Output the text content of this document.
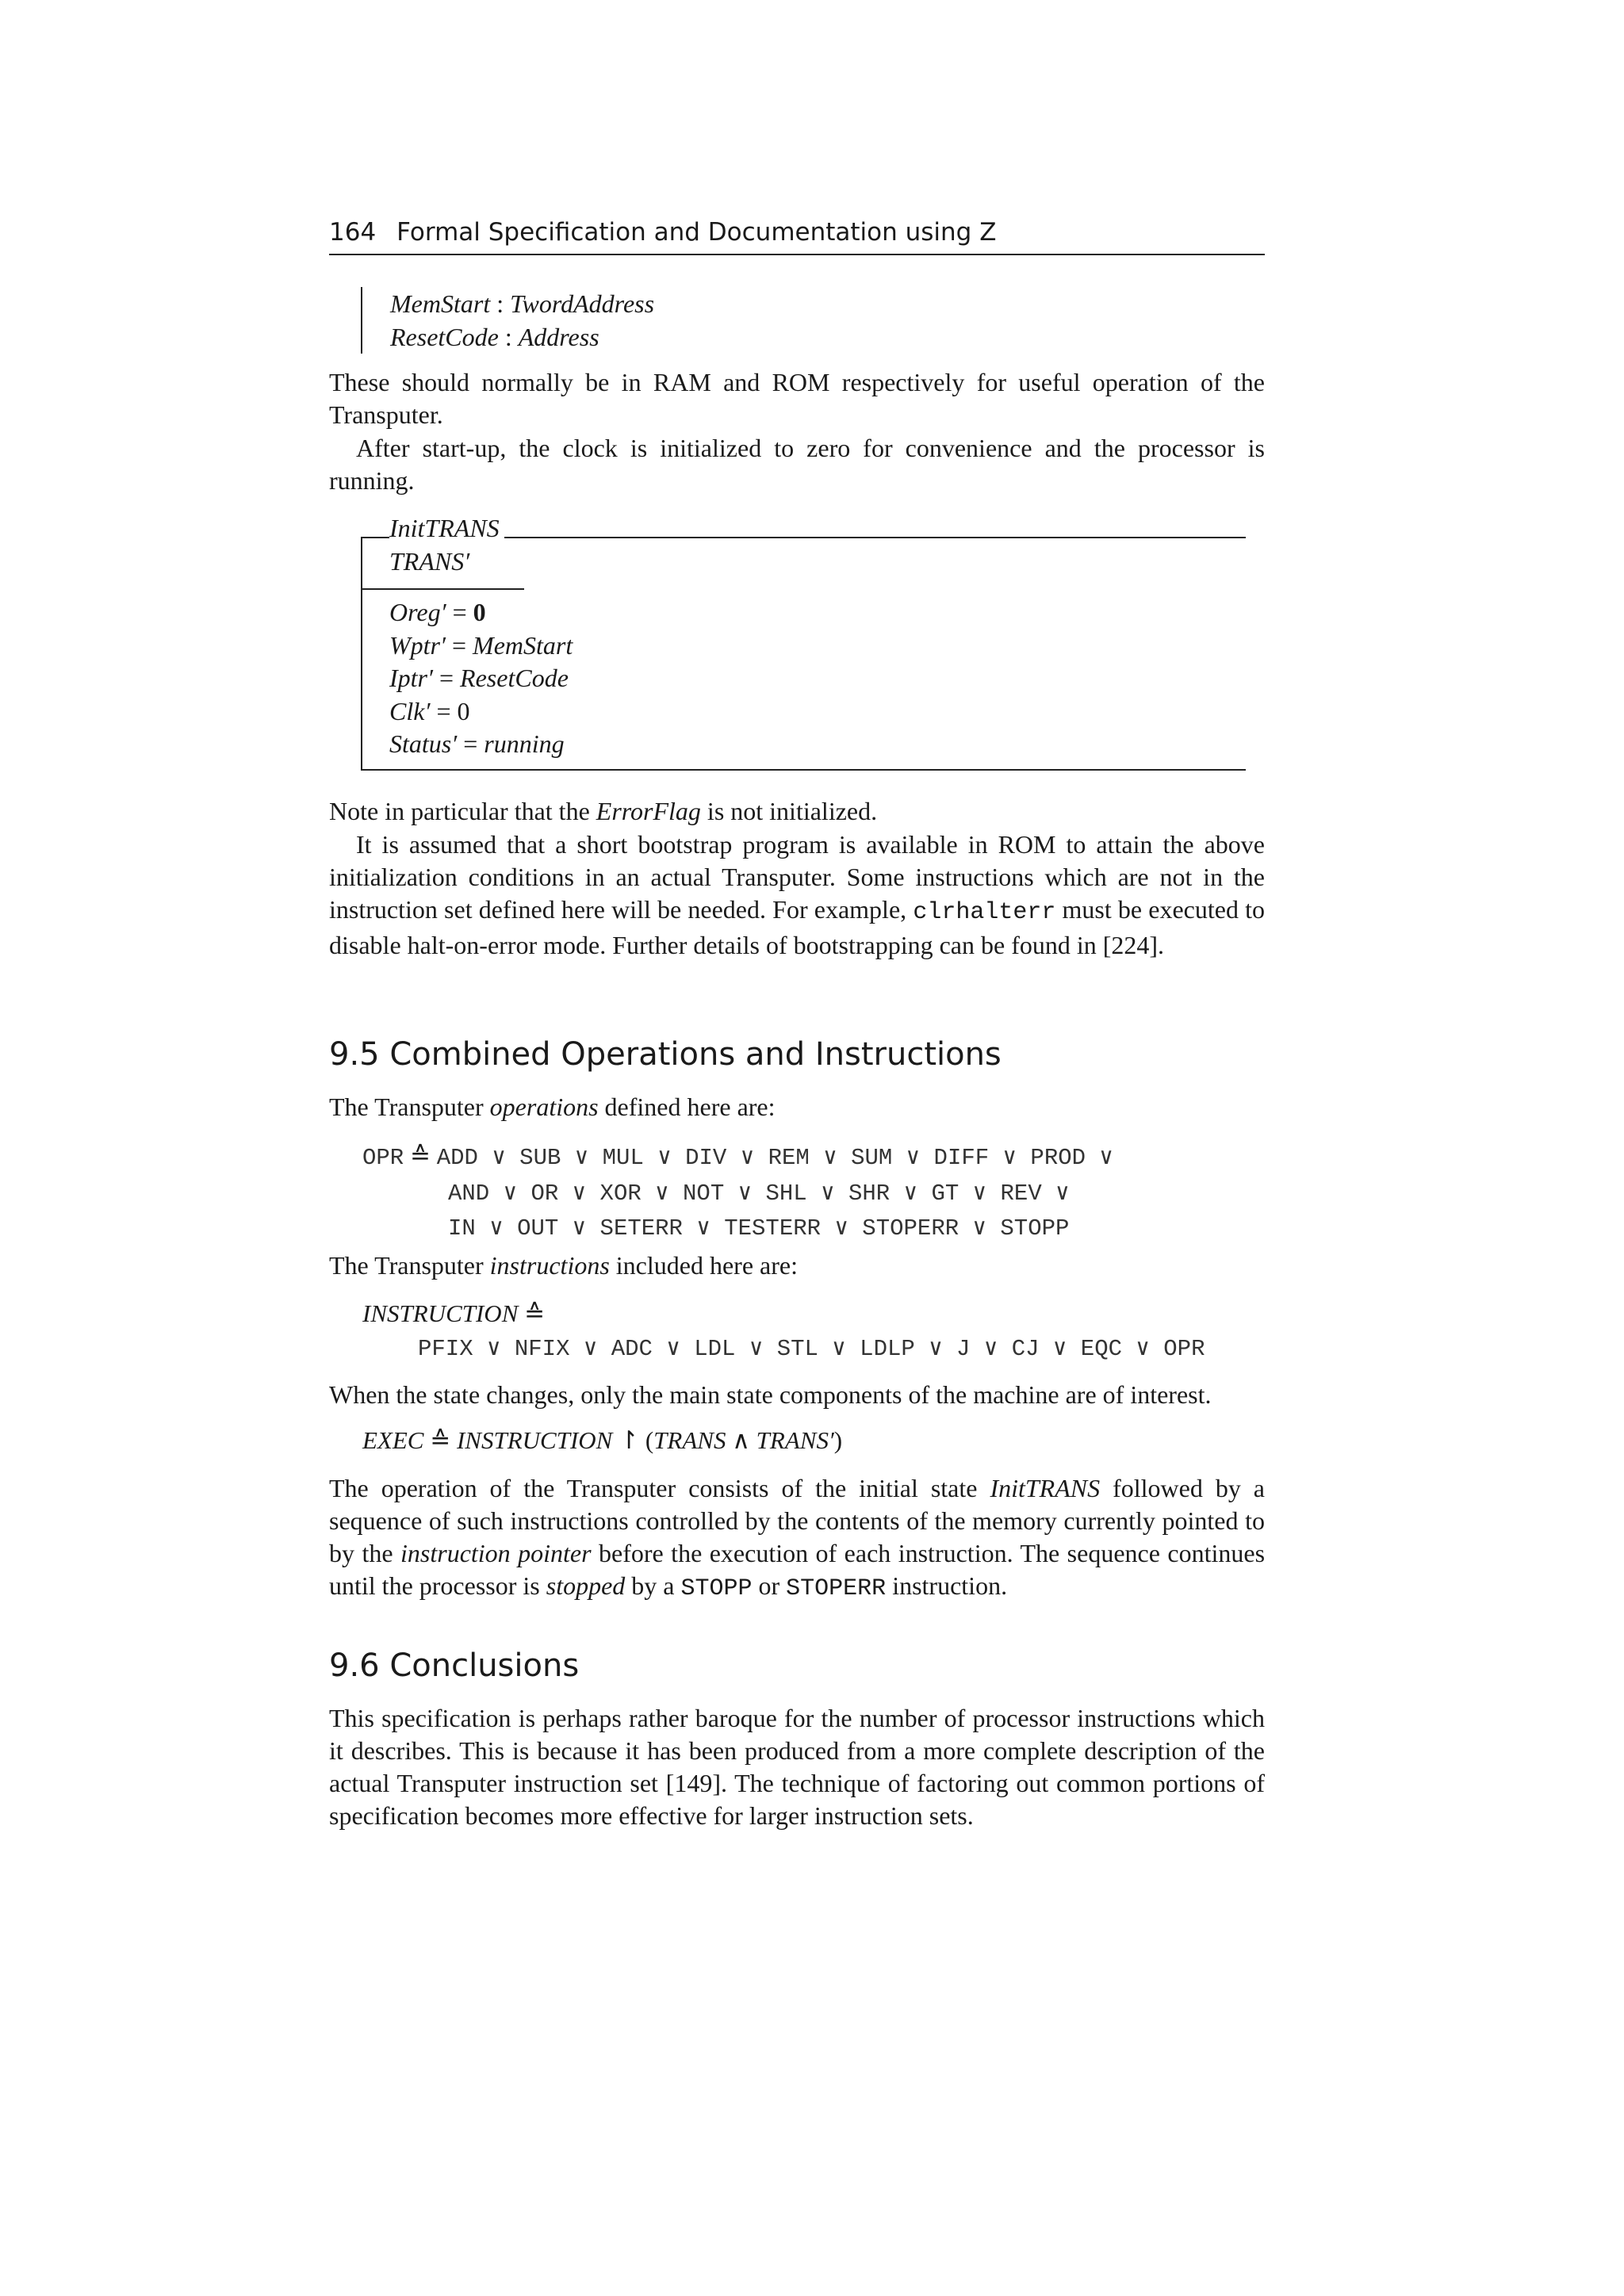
164 Formal Specification and Documentation using Z
MemStart : TwordAddress
ResetCode : Address

These should normally be in RAM and ROM respectively for useful operation of the Transputer.

After start-up, the clock is initialized to zero for convenience and the processor is running.

InitTRANS
TRANS′
Oreg′ = 0
Wptr′ = MemStart
Iptr′ = ResetCode
Clk′ = 0
Status′ = running

Note in particular that the ErrorFlag is not initialized.

It is assumed that a short bootstrap program is available in ROM to attain the above initialization conditions in an actual Transputer. Some instructions which are not in the instruction set defined here will be needed. For example, clrhalterr must be executed to disable halt-on-error mode. Further details of bootstrapping can be found in [224].

9.5 Combined Operations and Instructions

The Transputer operations defined here are:

OPR ≙ ADD ∨ SUB ∨ MUL ∨ DIV ∨ REM ∨ SUM ∨ DIFF ∨ PROD ∨
AND ∨ OR ∨ XOR ∨ NOT ∨ SHL ∨ SHR ∨ GT ∨ REV ∨
IN ∨ OUT ∨ SETERR ∨ TESTERR ∨ STOPERR ∨ STOPP

The Transputer instructions included here are:

INSTRUCTION ≙
PFIX ∨ NFIX ∨ ADC ∨ LDL ∨ STL ∨ LDLP ∨ J ∨ CJ ∨ EQC ∨ OPR

When the state changes, only the main state components of the machine are of interest.

EXEC ≙ INSTRUCTION ↾ (TRANS ∧ TRANS′)

The operation of the Transputer consists of the initial state InitTRANS followed by a sequence of such instructions controlled by the contents of the memory currently pointed to by the instruction pointer before the execution of each instruction. The sequence continues until the processor is stopped by a STOPP or STOPERR instruction.

9.6 Conclusions

This specification is perhaps rather baroque for the number of processor instructions which it describes. This is because it has been produced from a more complete description of the actual Transputer instruction set [149]. The technique of factoring out common portions of specification becomes more effective for larger instruction sets.
